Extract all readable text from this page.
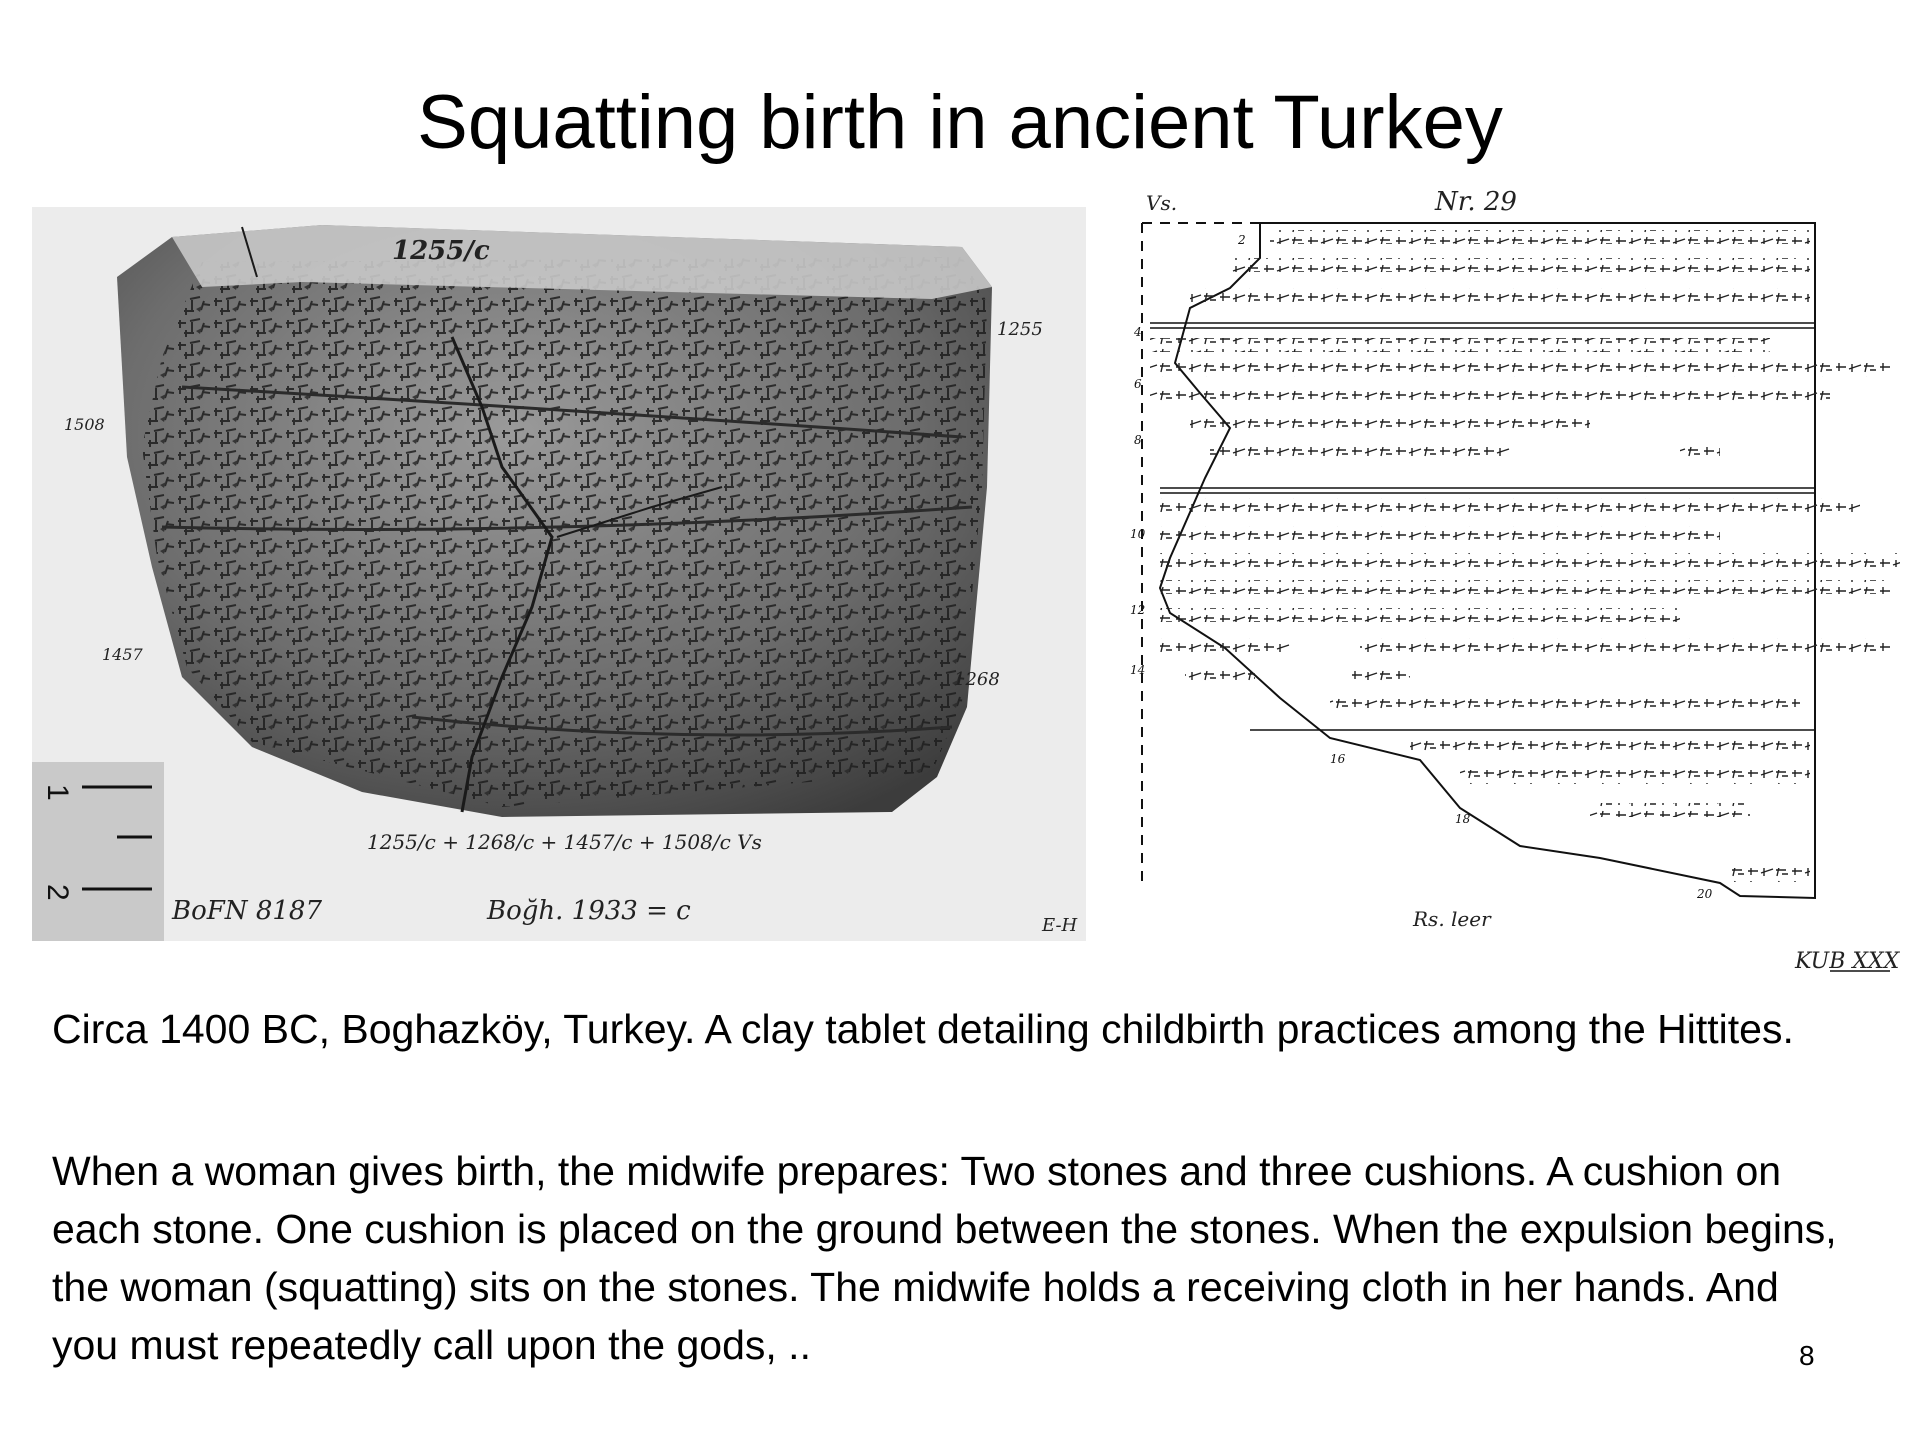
Squatting birth in ancient Turkey
1255/c
1255
1508
1457
1268
1255/c + 1268/c + 1457/c + 1508/c Vs
BoFN 8187	Boğh. 1933 = c	E-H
1
2
Vs.	Nr. 29
2
4
6
8
10
12
14
16
18
20
Rs. leer
KUB XXX

Circa 1400 BC, Boghazköy, Turkey. A clay tablet detailing childbirth practices among the Hittites.

When a woman gives birth, the midwife prepares: Two stones and three cushions. A cushion on each stone. One cushion is placed on the ground between the stones. When the expulsion begins, the woman (squatting) sits on the stones. The midwife holds a receiving cloth in her hands. And you must repeatedly call upon the gods, ..	8
